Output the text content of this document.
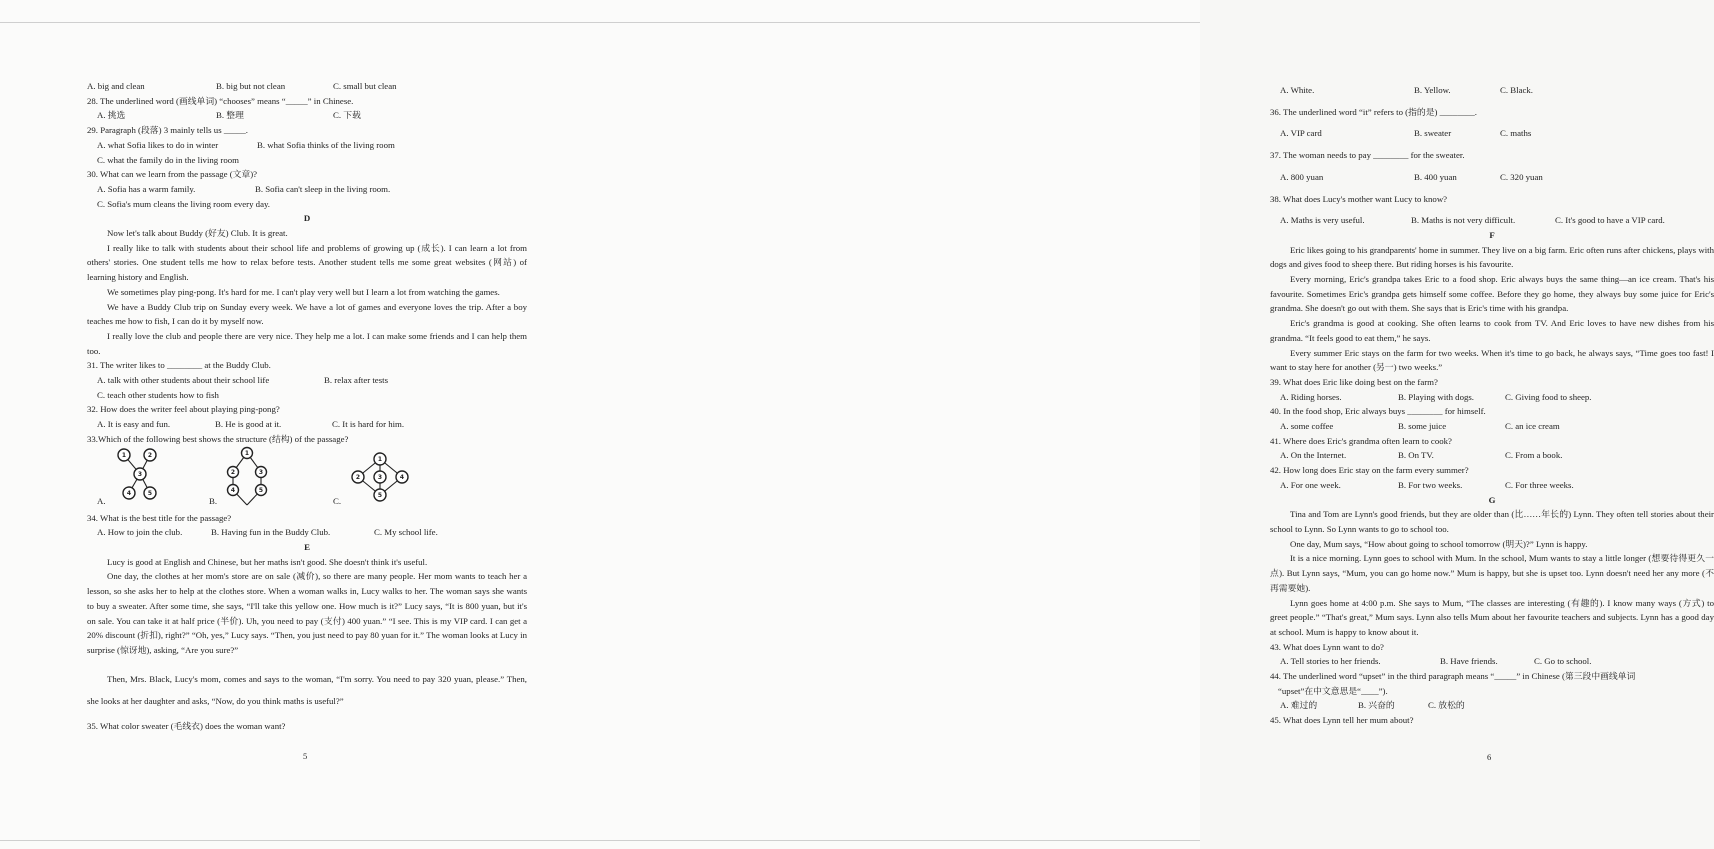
A. big and clean	B. big but not clean	C. small but clean
28. The underlined word (画线单词) “chooses” means “_____” in Chinese.
A. 挑选	B. 整理	C. 下载
29. Paragraph (段落) 3 mainly tells us _____.
A. what Sofia likes to do in winter	B. what Sofia thinks of the living room
C. what the family do in the living room
30. What can we learn from the passage (文章)?
A. Sofia has a warm family.	B. Sofia can't sleep in the living room.
C. Sofia's mum cleans the living room every day.
D
Now let's talk about Buddy (好友) Club. It is great.
I really like to talk with students about their school life and problems of growing up (成长). I can learn a lot from others' stories. One student tells me how to relax before tests. Another student tells me some great websites (网站) of learning history and English.
We sometimes play ping-pong. It's hard for me. I can't play very well but I learn a lot from watching the games.
We have a Buddy Club trip on Sunday every week. We have a lot of games and everyone loves the trip. After a boy teaches me how to fish, I can do it by myself now.
I really love the club and people there are very nice. They help me a lot. I can make some friends and I can help them too.
31. The writer likes to ________ at the Buddy Club.
A. talk with other students about their school life	B. relax after tests
C. teach other students how to fish
32. How does the writer feel about playing ping-pong?
A. It is easy and fun.	B. He is good at it.	C. It is hard for him.
33.Which of the following best shows the structure (结构) of the passage?
1	2
3
4	5
A.
1
2	3
4	5
B.
1
2	3	4
5
C.
34. What is the best title for the passage?
A. How to join the club.	B. Having fun in the Buddy Club.	C. My school life.
E
Lucy is good at English and Chinese, but her maths isn't good. She doesn't think it's useful.
One day, the clothes at her mom's store are on sale (减价), so there are many people. Her mom wants to teach her a lesson, so she asks her to help at the clothes store. When a woman walks in, Lucy walks to her. The woman says she wants to buy a sweater. After some time, she says, “I'll take this yellow one. How much is it?” Lucy says, “It is 800 yuan, but it's on sale. You can take it at half price (半价). Uh, you need to pay (支付) 400 yuan.” “I see. This is my VIP card. I can get a 20% discount (折扣), right?” “Oh, yes,” Lucy says. “Then, you just need to pay 80 yuan for it.” The woman looks at Lucy in surprise (惊讶地), asking, “Are you sure?”
Then, Mrs. Black, Lucy's mom, comes and says to the woman, “I'm sorry. You need to pay 320 yuan, please.” Then, she looks at her daughter and asks, “Now, do you think maths is useful?”
35. What color sweater (毛线衣) does the woman want?
5
A. White.	B. Yellow.	C. Black.
36. The underlined word “it” refers to (指的是) ________.
A. VIP card	B. sweater	C. maths
37. The woman needs to pay ________ for the sweater.
A. 800 yuan	B. 400 yuan	C. 320 yuan
38. What does Lucy's mother want Lucy to know?
A. Maths is very useful.	B. Maths is not very difficult.	C. It's good to have a VIP card.
F
Eric likes going to his grandparents' home in summer. They live on a big farm. Eric often runs after chickens, plays with dogs and gives food to sheep there. But riding horses is his favourite.
Every morning, Eric's grandpa takes Eric to a food shop. Eric always buys the same thing—an ice cream. That's his favourite. Sometimes Eric's grandpa gets himself some coffee. Before they go home, they always buy some juice for Eric's grandma. She doesn't go out with them. She says that is Eric's time with his grandpa.
Eric's grandma is good at cooking. She often learns to cook from TV. And Eric loves to have new dishes from his grandma. “It feels good to eat them,” he says.
Every summer Eric stays on the farm for two weeks. When it's time to go back, he always says, “Time goes too fast! I want to stay here for another (另一) two weeks.”
39. What does Eric like doing best on the farm?
A. Riding horses.	B. Playing with dogs.	C. Giving food to sheep.
40. In the food shop, Eric always buys ________ for himself.
A. some coffee	B. some juice	C. an ice cream
41. Where does Eric's grandma often learn to cook?
A. On the Internet.	B. On TV.	C. From a book.
42. How long does Eric stay on the farm every summer?
A. For one week.	B. For two weeks.	C. For three weeks.
G
Tina and Tom are Lynn's good friends, but they are older than (比……年长的) Lynn. They often tell stories about their school to Lynn. So Lynn wants to go to school too.
One day, Mum says, “How about going to school tomorrow (明天)?” Lynn is happy.
It is a nice morning. Lynn goes to school with Mum. In the school, Mum wants to stay a little longer (想要待得更久一点). But Lynn says, “Mum, you can go home now.” Mum is happy, but she is upset too. Lynn doesn't need her any more (不再需要她).
Lynn goes home at 4:00 p.m. She says to Mum, “The classes are interesting (有趣的). I know many ways (方式) to greet people.” “That's great,” Mum says. Lynn also tells Mum about her favourite teachers and subjects. Lynn has a good day at school. Mum is happy to know about it.
43. What does Lynn want to do?
A. Tell stories to her friends.	B. Have friends.	C. Go to school.
44. The underlined word “upset” in the third paragraph means “_____” in Chinese (第三段中画线单词
“upset”在中文意思是“____”).
A. 难过的	B. 兴奋的	C. 放松的
45. What does Lynn tell her mum about?
6
